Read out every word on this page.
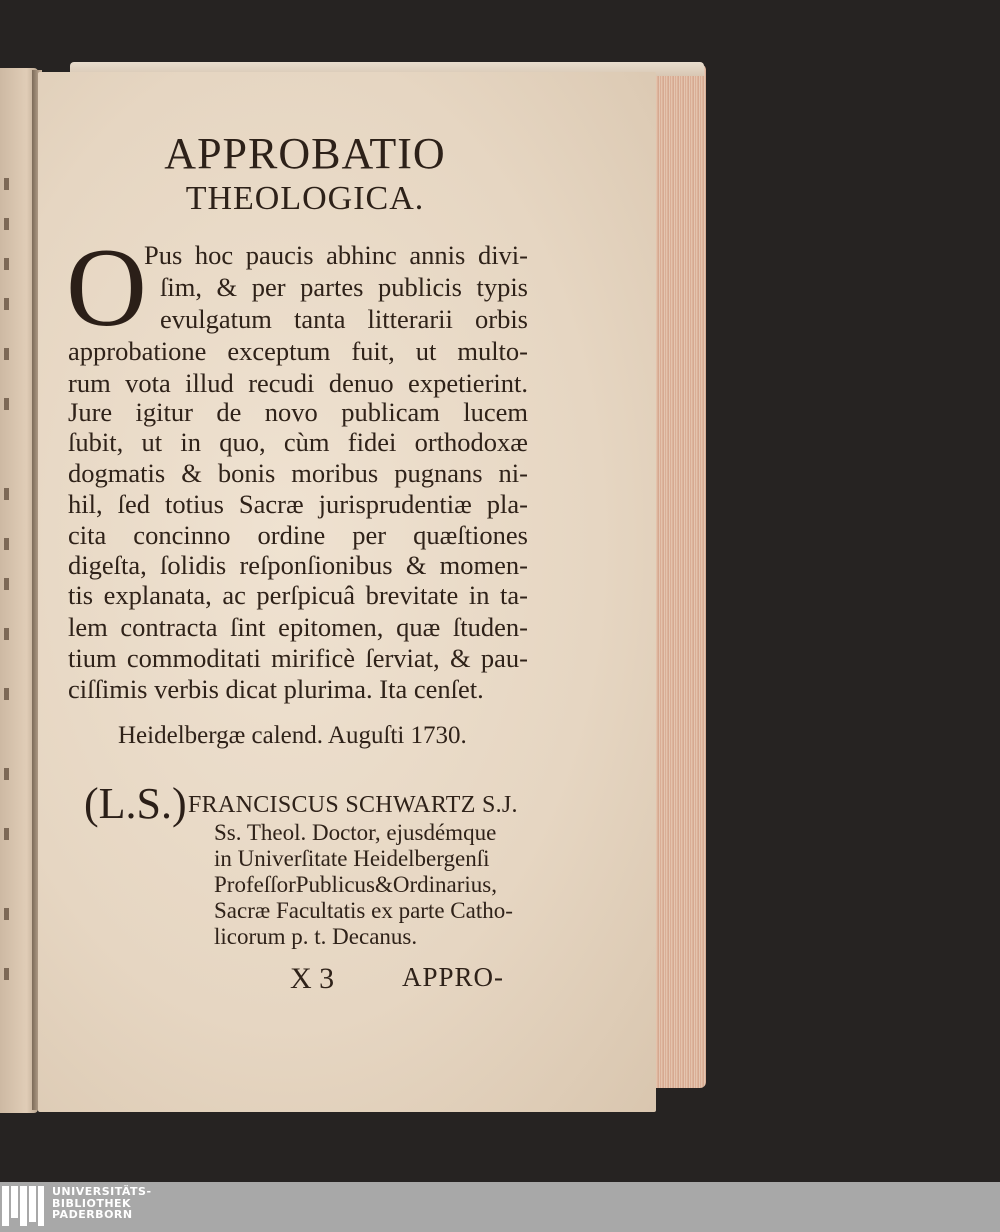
APPROBATIO
THEOLOGICA.
O
Pus hoc paucis abhinc annis divi-
ſim, & per partes publicis typis
evulgatum tanta litterarii orbis
approbatione exceptum fuit, ut multo-
rum vota illud recudi denuo expetierint.
Jure igitur de novo publicam lucem
ſubit, ut in quo, cùm fidei orthodoxæ
dogmatis & bonis moribus pugnans ni-
hil, ſed totius Sacræ jurisprudentiæ pla-
cita concinno ordine per quæſtiones
digeſta, ſolidis reſponſionibus & momen-
tis explanata, ac perſpicuâ brevitate in ta-
lem contracta ſint epitomen, quæ ſtuden-
tium commoditati mirificè ſerviat, & pau-
ciſſimis verbis dicat plurima. Ita cenſet.
Heidelbergæ calend. Auguſti 1730.
(L.S.) FRANCISCUS SCHWARTZ S.J.
Ss. Theol. Doctor, ejusdémque
in Univerſitate Heidelbergenſi
ProfeſſorPublicus&Ordinarius,
Sacræ Facultatis ex parte Catho-
licorum p. t. Decanus.
X 3	APPRO-
UNIVERSITÄTS-
BIBLIOTHEK
PADERBORN
